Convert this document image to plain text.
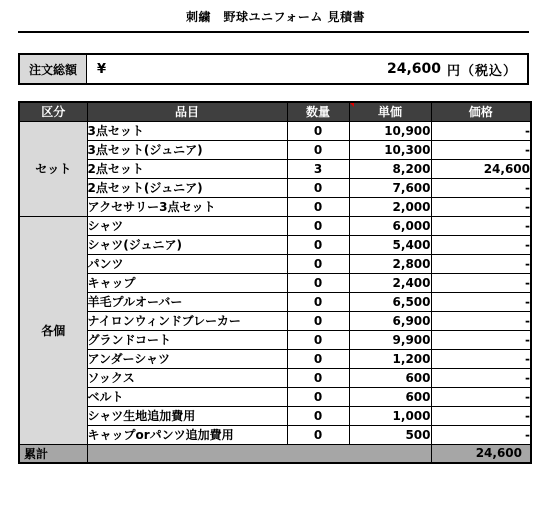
刺繍　野球ユニフォーム 見積書
注文総額	¥	24,600 円（税込）
区分	品目	数量	単価	価格
セット	3点セット	0	10,900	-
	3点セット(ジュニア)	0	10,300	-
	2点セット	3	8,200	24,600
	2点セット(ジュニア)	0	7,600	-
	アクセサリー3点セット	0	2,000	-
各個	シャツ	0	6,000	-
	シャツ(ジュニア)	0	5,400	-
	パンツ	0	2,800	-
	キャップ	0	2,400	-
	羊毛プルオーバー	0	6,500	-
	ナイロンウィンドブレーカー	0	6,900	-
	グランドコート	0	9,900	-
	アンダーシャツ	0	1,200	-
	ソックス	0	600	-
	ベルト	0	600	-
	シャツ生地追加費用	0	1,000	-
	キャップorパンツ追加費用	0	500	-
累計				24,600
